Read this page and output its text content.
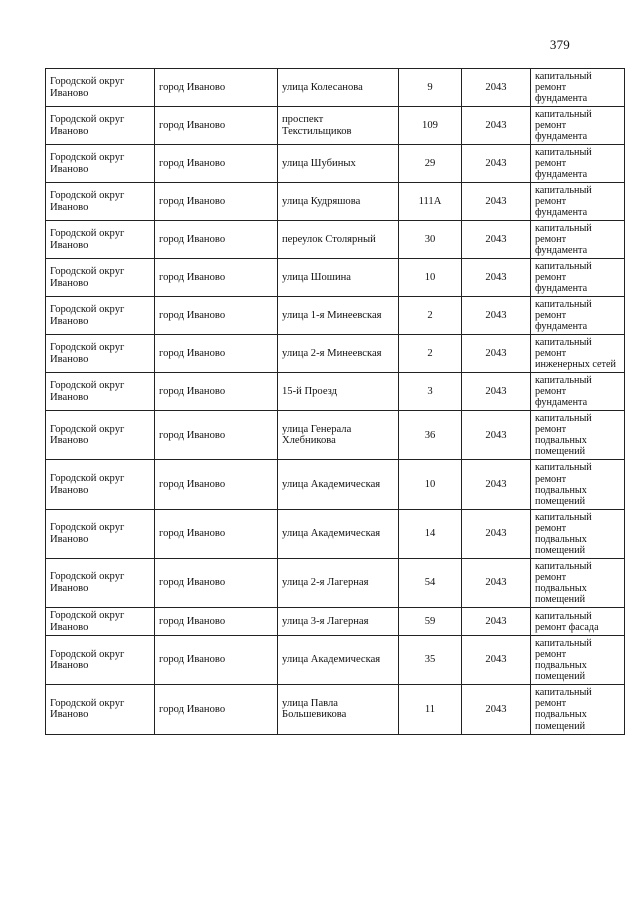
379
Городской округ Иваново	город Иваново	улица Колесанова	9	2043	капитальный ремонт фундамента
Городской округ Иваново	город Иваново	проспект Текстильщиков	109	2043	капитальный ремонт фундамента
Городской округ Иваново	город Иваново	улица Шубиных	29	2043	капитальный ремонт фундамента
Городской округ Иваново	город Иваново	улица Кудряшова	111А	2043	капитальный ремонт фундамента
Городской округ Иваново	город Иваново	переулок Столярный	30	2043	капитальный ремонт фундамента
Городской округ Иваново	город Иваново	улица Шошина	10	2043	капитальный ремонт фундамента
Городской округ Иваново	город Иваново	улица 1-я Минеевская	2	2043	капитальный ремонт фундамента
Городской округ Иваново	город Иваново	улица 2-я Минеевская	2	2043	капитальный ремонт инженерных сетей
Городской округ Иваново	город Иваново	15-й Проезд	3	2043	капитальный ремонт фундамента
Городской округ Иваново	город Иваново	улица Генерала Хлебникова	36	2043	капитальный ремонт подвальных помещений
Городской округ Иваново	город Иваново	улица Академическая	10	2043	капитальный ремонт подвальных помещений
Городской округ Иваново	город Иваново	улица Академическая	14	2043	капитальный ремонт подвальных помещений
Городской округ Иваново	город Иваново	улица 2-я Лагерная	54	2043	капитальный ремонт подвальных помещений
Городской округ Иваново	город Иваново	улица 3-я Лагерная	59	2043	капитальный ремонт фасада
Городской округ Иваново	город Иваново	улица Академическая	35	2043	капитальный ремонт подвальных помещений
Городской округ Иваново	город Иваново	улица Павла Большевикова	11	2043	капитальный ремонт подвальных помещений
